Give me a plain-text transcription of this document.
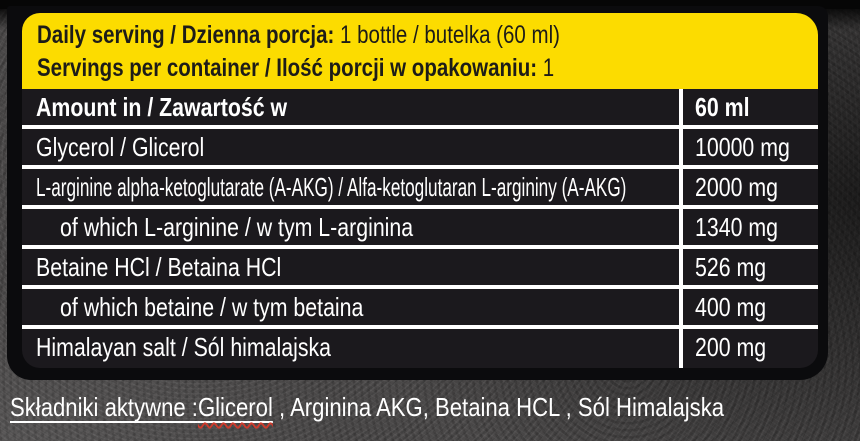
Daily serving / Dzienna porcja: 1 bottle / butelka (60 ml)
Servings per container / Ilość porcji w opakowaniu: 1
Amount in / Zawartość w	60 ml
Glycerol / Glicerol	10000 mg
L-arginine alpha-ketoglutarate (A-AKG) / Alfa-ketoglutaran L-argininy (A-AKG)	2000 mg
of which L-arginine / w tym L-arginina	1340 mg
Betaine HCl / Betaina HCl	526 mg
of which betaine / w tym betaina	400 mg
Himalayan salt / Sól himalajska	200 mg
Składniki aktywne :Glicerol , Arginina AKG, Betaina HCL , Sól Himalajska
